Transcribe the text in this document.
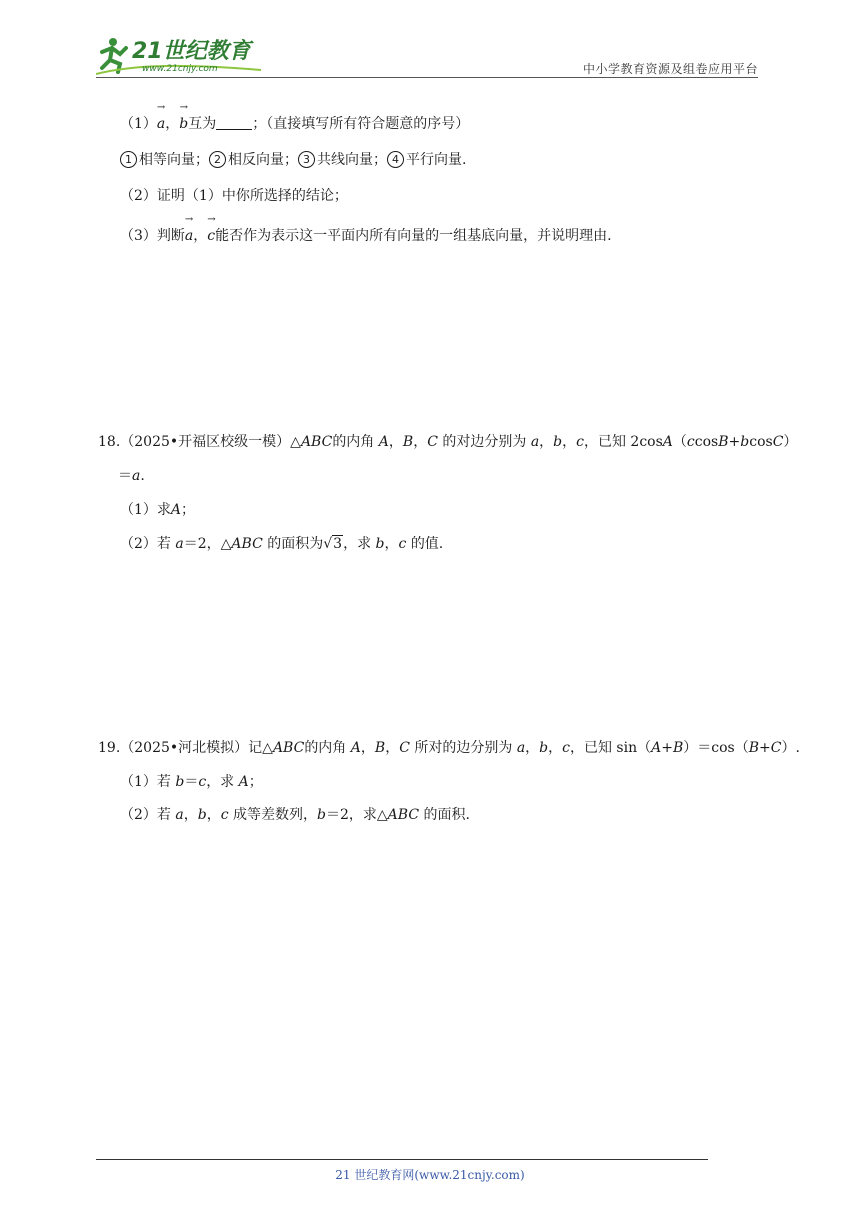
21世纪教育
www.21cnjy.com	中小学教育资源及组卷应用平台
（1）→ a，→ b互为	；（直接填写所有符合题意的序号）
1 相等向量； 2 相反向量； 3 共线向量； 4 平行向量.
（2）证明（1）中你所选择的结论；
（3）判断→ a，→ c能否作为表示这一平面内所有向量的一组基底向量，并说明理由.
18.（2025•开福区校级一模）△ABC的内角 A，B，C 的对边分别为 a，b，c，已知 2cosA（ccosB+bcosC）
＝a.
（1）求A；
（2）若 a＝2，△ABC 的面积为√3，求 b，c 的值.
19.（2025•河北模拟）记△ABC的内角 A，B，C 所对的边分别为 a，b，c，已知 sin（A+B）＝cos（B+C）.
（1）若 b＝c，求 A；
（2）若 a，b，c 成等差数列，b＝2，求△ABC 的面积.
21 世纪教育网(www.21cnjy.com)
